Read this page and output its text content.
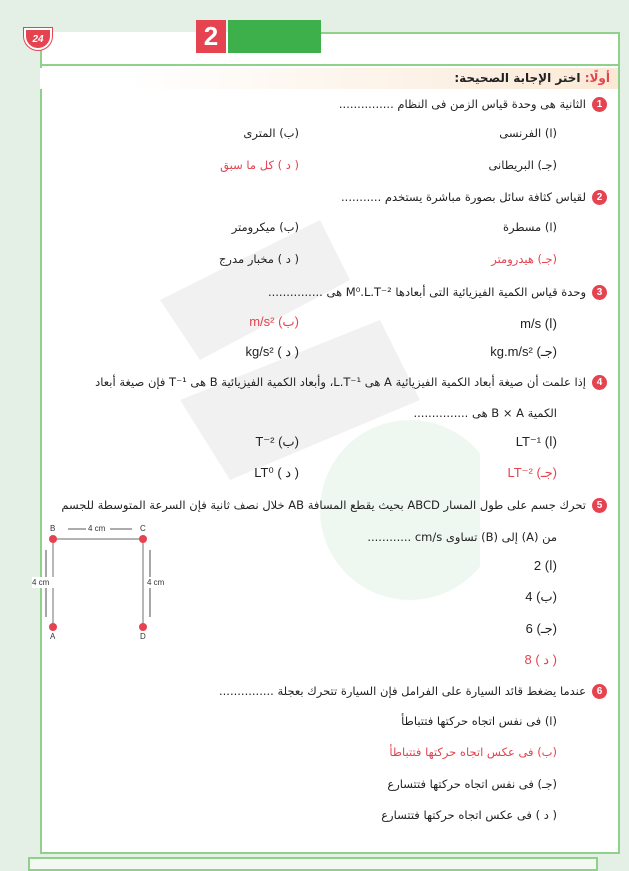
2
24
أولًا: اختر الإجابة الصحيحة:
1
الثانية هى وحدة قياس الزمن فى النظام ...............
(ا) الفرنسى
(ب) المترى
(جـ) البريطانى
( د ) كل ما سبق
2
لقياس كثافة سائل بصورة مباشرة يستخدم ...........
(ا) مسطرة
(ب) ميكرومتر
(جـ) هيدرومتر
( د ) مخبار مدرج
3
وحدة قياس الكمية الفيزيائية التى أبعادها M⁰.L.T⁻² هى ...............
(ا) m/s
(ب) m/s²
(جـ) kg.m/s²
( د ) kg/s²
4
إذا علمت أن صيغة أبعاد الكمية الفيزيائية A هى L.T⁻¹، وأبعاد الكمية الفيزيائية B هى T⁻¹ فإن صيغة أبعاد
الكمية B × A هى ...............
(ا) LT⁻¹
(ب) T⁻²
(جـ) LT⁻²
( د ) LT⁰
5
تحرك جسم على طول المسار ABCD بحيث يقطع المسافة AB خلال نصف ثانية فإن السرعة المتوسطة للجسم
من (A) إلى (B) تساوى cm/s ............
(ا) 2
(ب) 4
(جـ) 6
( د ) 8
4 cm
4 cm	4 cm
B	C
A	D
6
عندما يضغط قائد السيارة على الفرامل فإن السيارة تتحرك بعجلة ...............
(ا) فى نفس اتجاه حركتها فتتباطأ
(ب) فى عكس اتجاه حركتها فتتباطأ
(جـ) فى نفس اتجاه حركتها فتتسارع
( د ) فى عكس اتجاه حركتها فتتسارع
